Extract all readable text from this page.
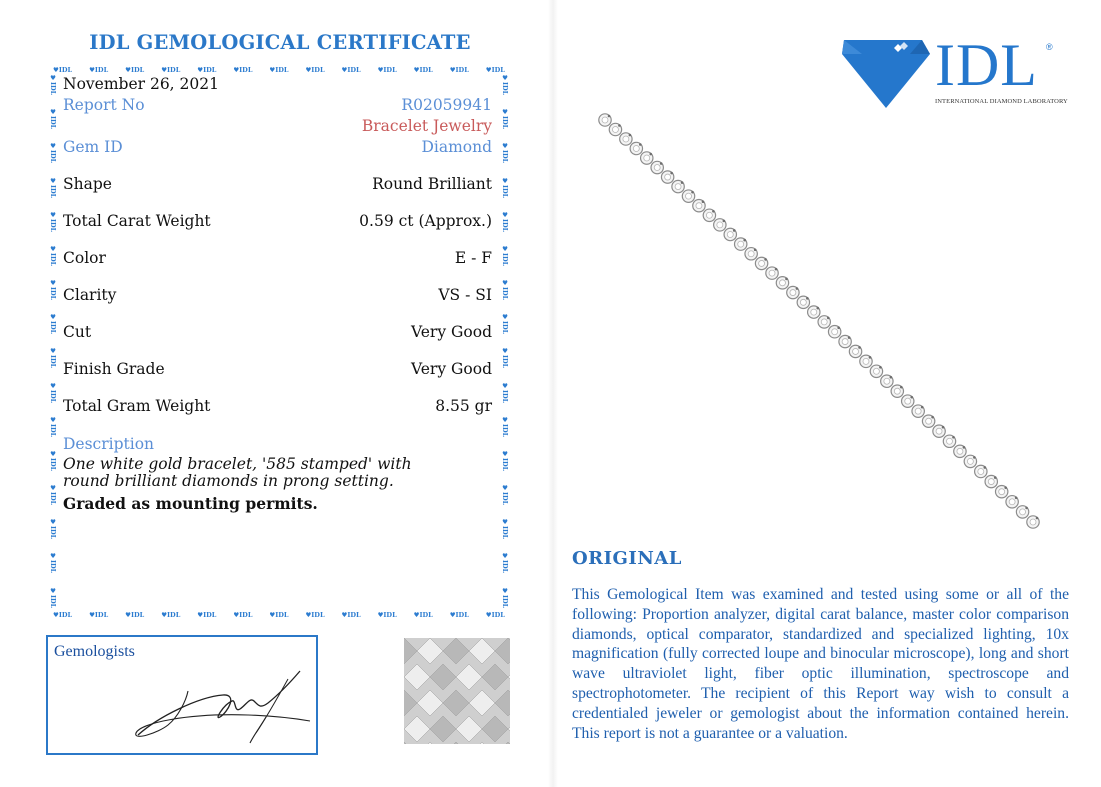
IDL GEMOLOGICAL CERTIFICATE
♥IDL	♥IDL	♥IDL	♥IDL	♥IDL	♥IDL	♥IDL	♥IDL	♥IDL	♥IDL	♥IDL	♥IDL	♥IDL
♥IDL	♥IDL	♥IDL	♥IDL	♥IDL	♥IDL	♥IDL	♥IDL	♥IDL	♥IDL	♥IDL	♥IDL	♥IDL
♥IDL
♥IDL
♥IDL
♥IDL
♥IDL
♥IDL
♥IDL
♥IDL
♥IDL
♥IDL
♥IDL
♥IDL
♥IDL
♥IDL
♥IDL
♥IDL
♥IDL
♥IDL
♥IDL
♥IDL
♥IDL
♥IDL
♥IDL
♥IDL
♥IDL
♥IDL
♥IDL
♥IDL
♥IDL
♥IDL
♥IDL
♥IDL
November 26, 2021
Report No	R02059941
Bracelet Jewelry
Gem ID	Diamond
Shape	Round Brilliant
Total Carat Weight	0.59 ct (Approx.)
Color	E - F
Clarity	VS - SI
Cut	Very Good
Finish Grade	Very Good
Total Gram Weight	8.55 gr
Description
One white gold bracelet, '585 stamped' with
round brilliant diamonds in prong setting.
Graded as mounting permits.
Gemologists
IDL ®
INTERNATIONAL DIAMOND LABORATORY
ORIGINAL
This Gemological Item was examined and tested using some or all of the following: Proportion analyzer, digital carat balance, master color comparison diamonds, optical comparator, standardized and specialized lighting, 10x magnification (fully corrected loupe and binocular microscope), long and short wave ultraviolet light, fiber optic illumination, spectroscope and spectrophotometer. The recipient of this Report way wish to consult a credentialed jeweler or gemologist about the information contained herein. This report is not a guarantee or a valuation.
